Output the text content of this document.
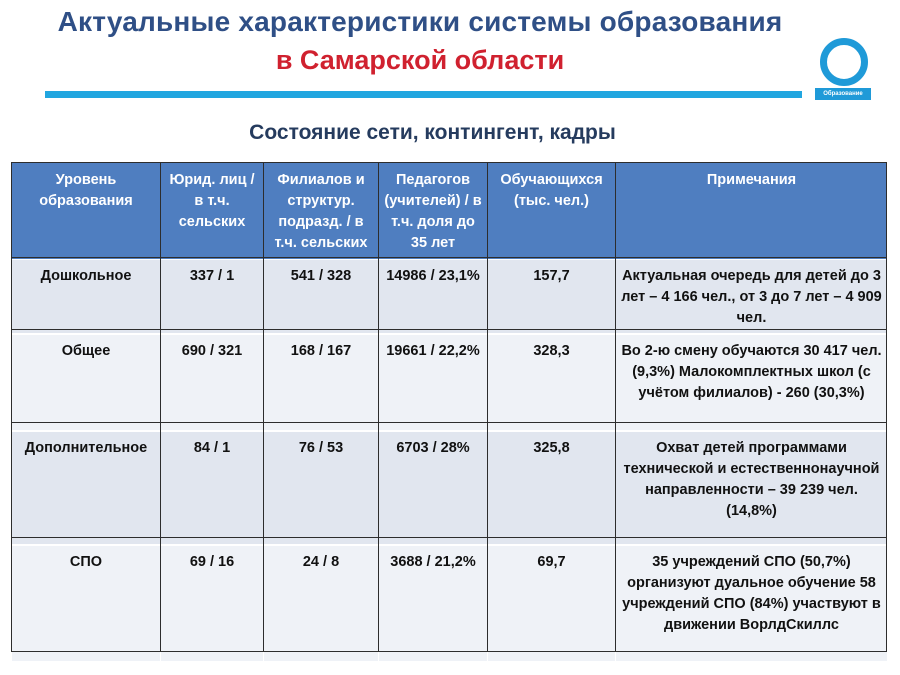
Актуальные характеристики системы образования
в Самарской области
Образование
Состояние сети, контингент, кадры
Уровень образования	Юрид. лиц / в т.ч. сельских	Филиалов и структур. подразд. / в т.ч. сельских	Педагогов (учителей) / в т.ч. доля до 35 лет	Обучающихся (тыс. чел.)	Примечания
Дошкольное	337 / 1	541 / 328	14986 / 23,1%	157,7	Актуальная очередь для детей до 3 лет – 4 166 чел., от 3 до 7 лет – 4 909 чел.
Общее	690 / 321	168 / 167	19661 / 22,2%	328,3	Во 2-ю смену обучаются 30 417 чел. (9,3%) Малокомплектных школ (с учётом филиалов) - 260 (30,3%)
Дополнительное	84 / 1	76 / 53	6703 / 28%	325,8	Охват детей программами технической и естественнонаучной направленности – 39 239 чел. (14,8%)
СПО	69 / 16	24 / 8	3688 / 21,2%	69,7	35 учреждений СПО (50,7%) организуют дуальное обучение 58 учреждений СПО (84%) участвуют в движении ВорлдСкиллс
